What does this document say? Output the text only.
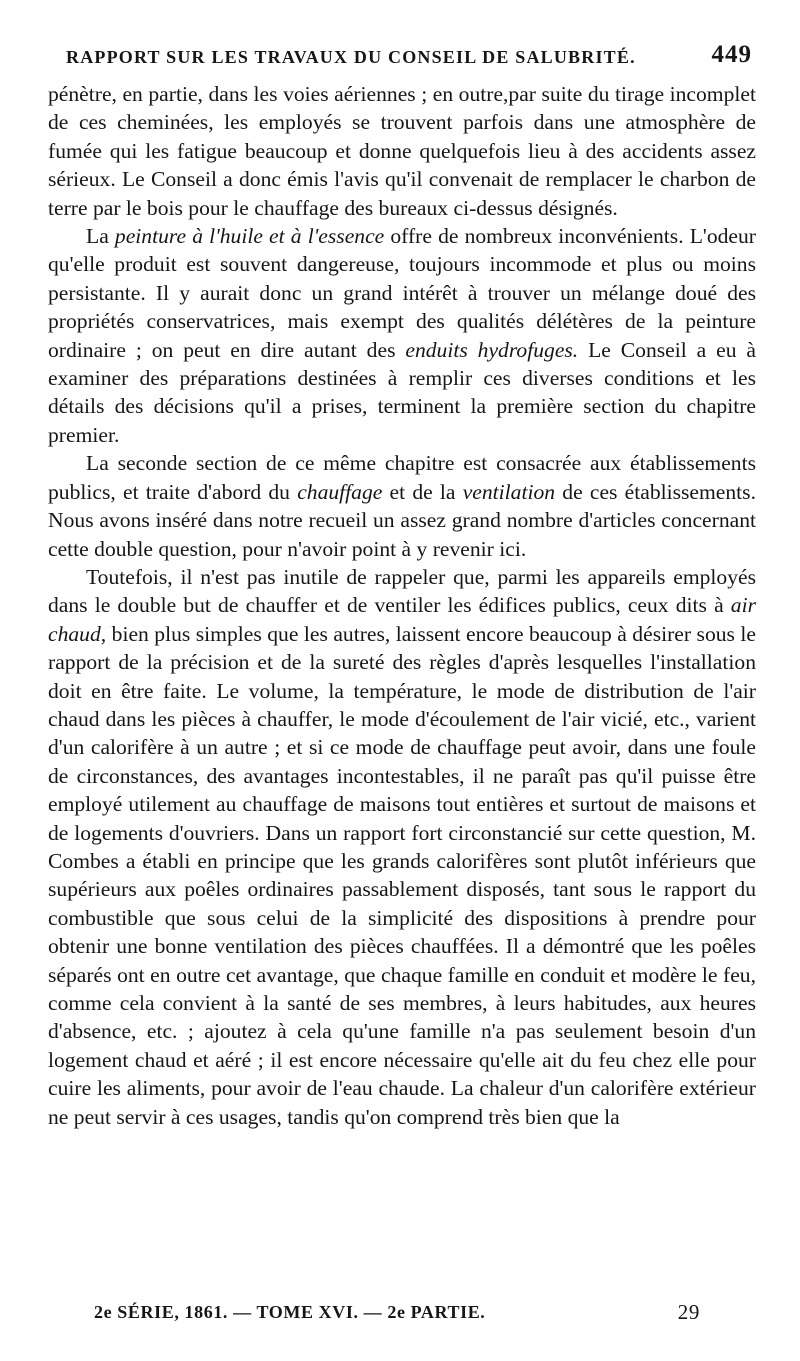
RAPPORT SUR LES TRAVAUX DU CONSEIL DE SALUBRITÉ.	449

pénètre, en partie, dans les voies aériennes ; en outre,par suite du tirage incomplet de ces cheminées, les employés se trouvent parfois dans une atmosphère de fumée qui les fatigue beaucoup et donne quelquefois lieu à des accidents assez sérieux. Le Conseil a donc émis l'avis qu'il convenait de remplacer le charbon de terre par le bois pour le chauffage des bureaux ci-dessus désignés.

La peinture à l'huile et à l'essence offre de nombreux inconvénients. L'odeur qu'elle produit est souvent dangereuse, toujours incommode et plus ou moins persistante. Il y aurait donc un grand intérêt à trouver un mélange doué des propriétés conservatrices, mais exempt des qualités délétères de la peinture ordinaire ; on peut en dire autant des enduits hydrofuges. Le Conseil a eu à examiner des préparations destinées à remplir ces diverses conditions et les détails des décisions qu'il a prises, terminent la première section du chapitre premier.

La seconde section de ce même chapitre est consacrée aux établissements publics, et traite d'abord du chauffage et de la ventilation de ces établissements. Nous avons inséré dans notre recueil un assez grand nombre d'articles concernant cette double question, pour n'avoir point à y revenir ici.

Toutefois, il n'est pas inutile de rappeler que, parmi les appareils employés dans le double but de chauffer et de ventiler les édifices publics, ceux dits à air chaud, bien plus simples que les autres, laissent encore beaucoup à désirer sous le rapport de la précision et de la sureté des règles d'après lesquelles l'installation doit en être faite. Le volume, la température, le mode de distribution de l'air chaud dans les pièces à chauffer, le mode d'écoulement de l'air vicié, etc., varient d'un calorifère à un autre ; et si ce mode de chauffage peut avoir, dans une foule de circonstances, des avantages incontestables, il ne paraît pas qu'il puisse être employé utilement au chauffage de maisons tout entières et surtout de maisons et de logements d'ouvriers. Dans un rapport fort circonstancié sur cette question, M. Combes a établi en principe que les grands calorifères sont plutôt inférieurs que supérieurs aux poêles ordinaires passablement disposés, tant sous le rapport du combustible que sous celui de la simplicité des dispositions à prendre pour obtenir une bonne ventilation des pièces chauffées. Il a démontré que les poêles séparés ont en outre cet avantage, que chaque famille en conduit et modère le feu, comme cela convient à la santé de ses membres, à leurs habitudes, aux heures d'absence, etc. ; ajoutez à cela qu'une famille n'a pas seulement besoin d'un logement chaud et aéré ; il est encore nécessaire qu'elle ait du feu chez elle pour cuire les aliments, pour avoir de l'eau chaude. La chaleur d'un calorifère extérieur ne peut servir à ces usages, tandis qu'on comprend très bien que la

2e SÉRIE, 1861. — TOME XVI. — 2e PARTIE.	29
